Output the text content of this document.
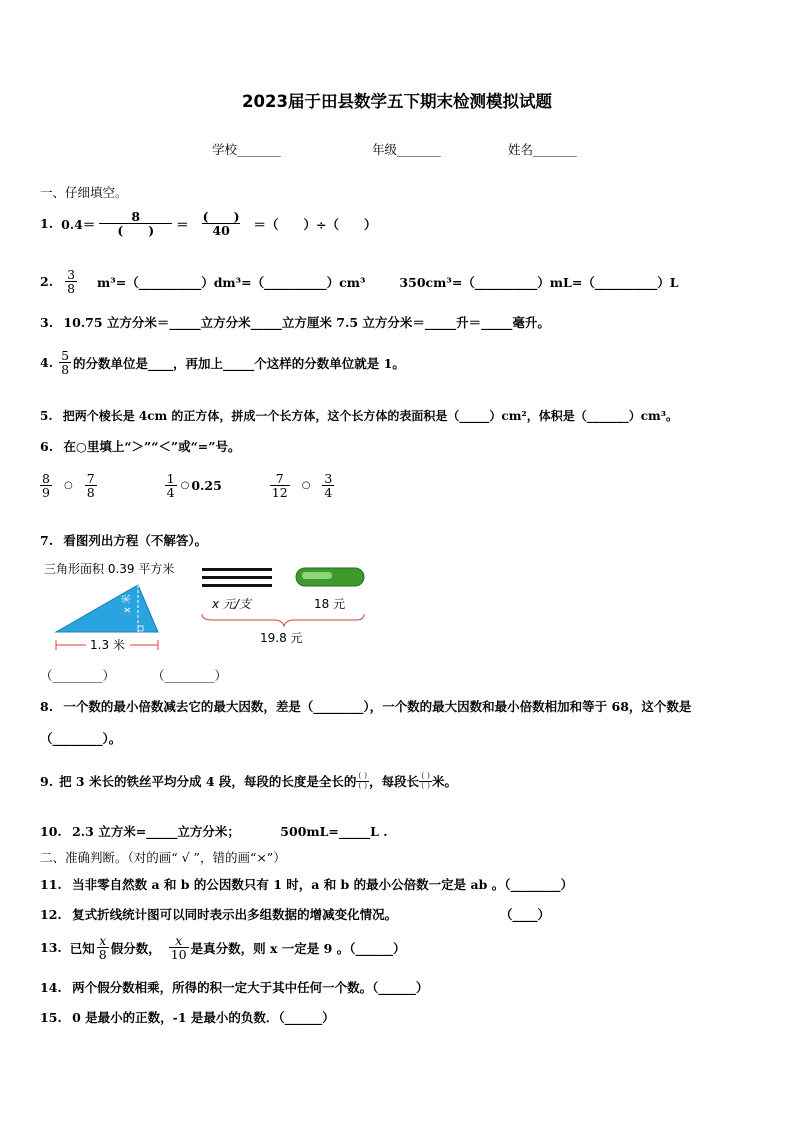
2023届于田县数学五下期末检测模拟试题
学校_______	年级_______	姓名_______
一、仔细填空。
1. $0.4= \frac{8}{( )} = \frac{( )}{40}$ ＝（　　）÷（　　）
2. $\frac{3}{8}$ m³=（__________）dm³=（__________）cm³	350cm³=（__________）mL=（__________）L
3. 10.75 立方分米＝_____立方分米_____立方厘米 7.5 立方分米＝_____升＝_____毫升。
4. $\frac{5}{8}$ 的分数单位是____，再加上_____个这样的分数单位就是 1。
5. 把两个棱长是 4cm 的正方体，拼成一个长方体，这个长方体的表面积是（_____）cm²，体积是（_______）cm³。
6. 在○里填上“＞”“＜”或“=”号。
$\frac{8}{9}$ ○ $\frac{7}{8}$	$\frac{1}{4}$ ○ 0.25	$\frac{7}{12}$ ○ $\frac{3}{4}$
7. 看图列出方程（不解答）。
三角形面积 0.39 平方米
x 米
1.3 米
x 元/支	18 元
19.8 元
（________）	（________）
8. 一个数的最小倍数减去它的最大因数，差是（________），一个数的最大因数和最小倍数相加和等于 68，这个数是
（________）。
9. 把 3 米长的铁丝平均分成 4 段，每段的长度是全长的 $\frac{( )}{( )}$ ，每段长 $\frac{( )}{( )}$ 米。
10. 2.3 立方米=_____立方分米；	500mL=_____L .
二、准确判断。（对的画“ √ ”，错的画“×”）
11. 当非零自然数 a 和 b 的公因数只有 1 时，a 和 b 的最小公倍数一定是 ab 。（________）
12. 复式折线统计图可以同时表示出多组数据的增减变化情况。	（____）
13. 已知 $\frac{x}{8}$ 假分数， $\frac{x}{10}$ 是真分数，则 x 一定是 9 。（______）
14. 两个假分数相乘，所得的积一定大于其中任何一个数。（______）
15. 0 是最小的正数，-1 是最小的负数．（______）
